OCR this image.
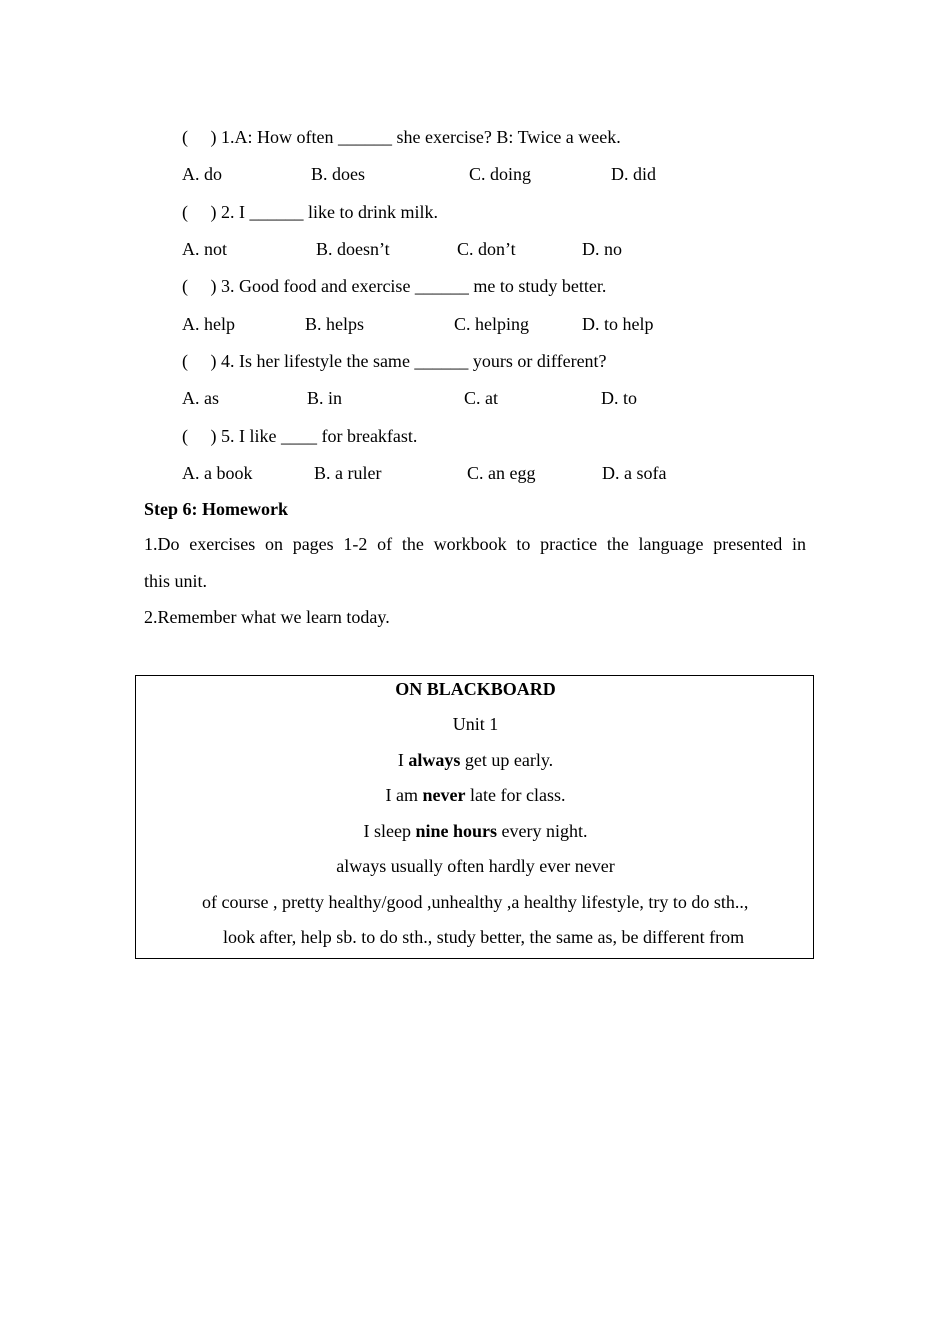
(     ) 1.A: How often ______ she exercise? B: Twice a week.
A. do	B. does	C. doing	D. did
(     ) 2. I ______ like to drink milk.
A. not	B. doesn’t	C. don’t	D. no
(     ) 3. Good food and exercise ______ me to study better.
A. help	B. helps	C. helping	D. to help
(     ) 4. Is her lifestyle the same ______ yours or different?
A. as	B. in	C. at	D. to
(     ) 5. I like ____ for breakfast.
A. a book	B. a ruler	C. an egg	D. a sofa
Step 6: Homework
1.Do exercises on pages 1-2 of the workbook to practice the language presented in
this unit.
2.Remember what we learn today.
ON BLACKBOARD
Unit 1
I always get up early.
I am never late for class.
I sleep nine hours every night.
always usually often hardly ever never
of course , pretty healthy/good ,unhealthy ,a healthy lifestyle, try to do sth..,
look after, help sb. to do sth., study better, the same as, be different from
